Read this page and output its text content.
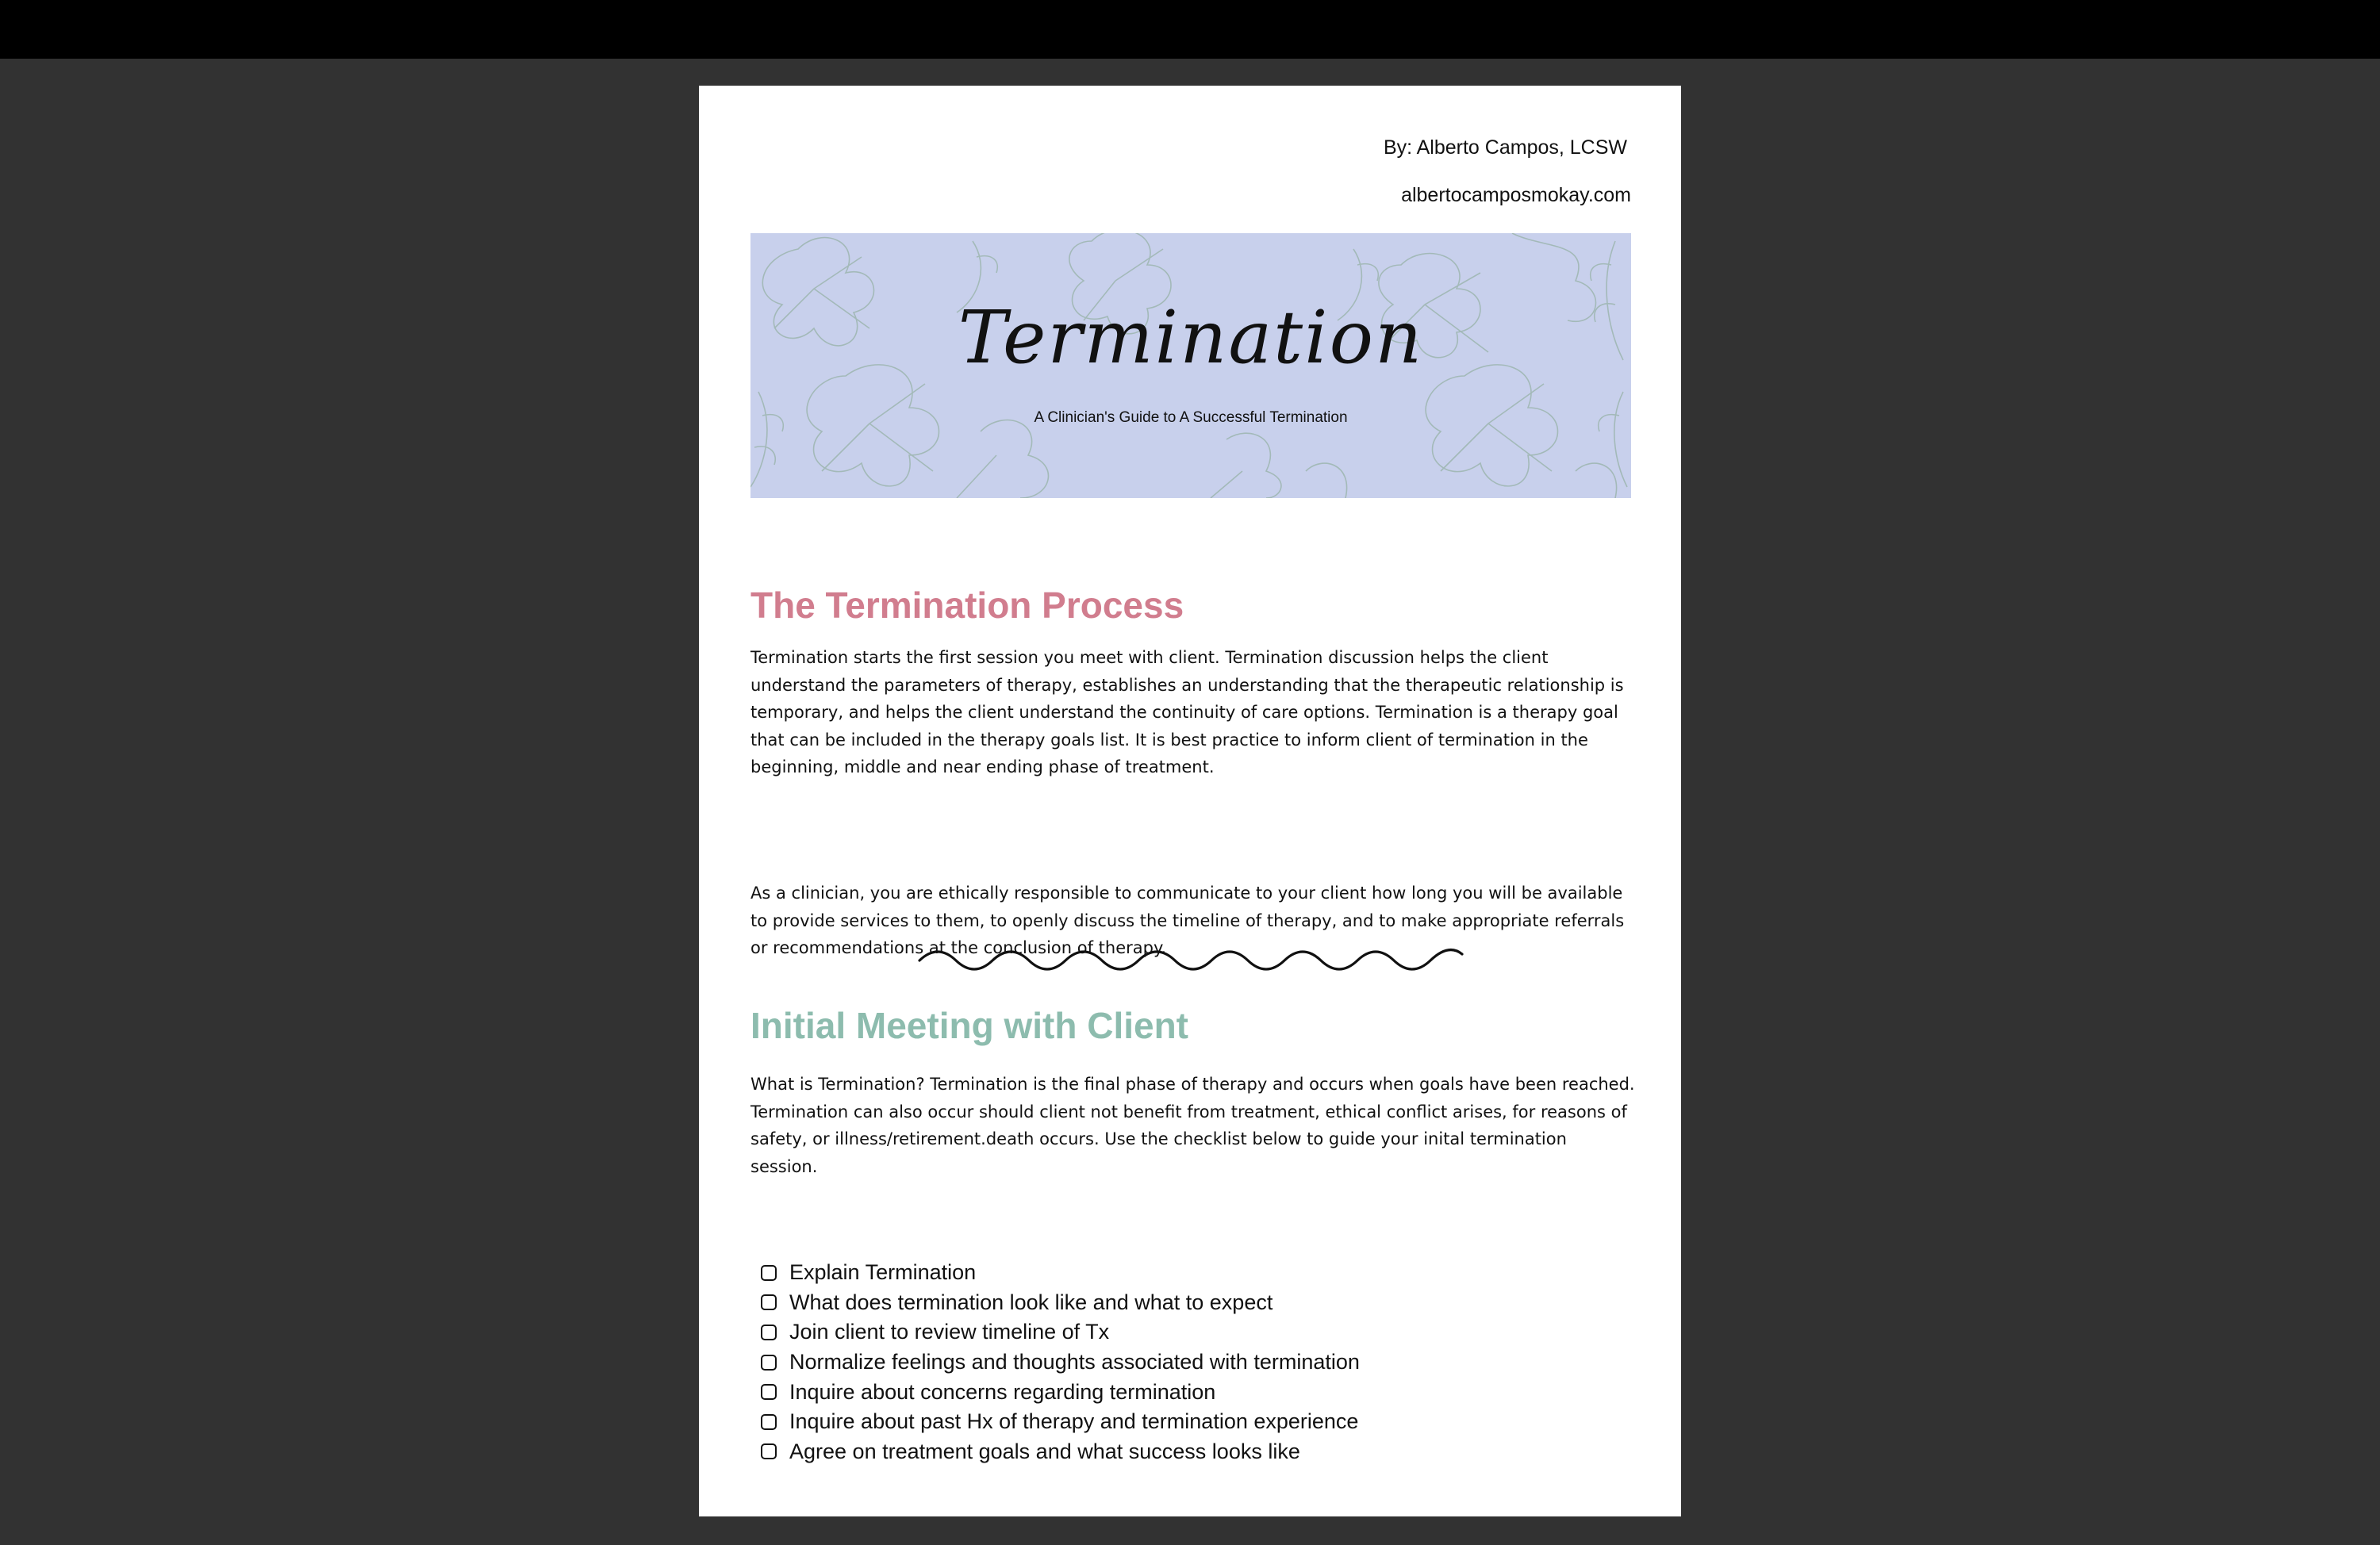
By: Alberto Campos, LCSW
albertocamposmokay.com
Termination
A Clinician's Guide to A Successful Termination
The Termination Process

Termination starts the first session you meet with client. Termination discussion helps the client understand the parameters of therapy, establishes an understanding that the therapeutic relationship is temporary, and helps the client understand the continuity of care options. Termination is a therapy goal that can be included in the therapy goals list. It is best practice to inform client of termination in the beginning, middle and near ending phase of treatment.

As a clinician, you are ethically responsible to communicate to your client how long you will be available to provide services to them, to openly discuss the timeline of therapy, and to make appropriate referrals or recommendations at the conclusion of therapy.

Initial Meeting with Client

What is Termination? Termination is the final phase of therapy and occurs when goals have been reached. Termination can also occur should client not benefit from treatment, ethical conflict arises, for reasons of safety, or illness/retirement.death occurs. Use the checklist below to guide your inital termination session.

Explain Termination
What does termination look like and what to expect
Join client to review timeline of Tx
Normalize feelings and thoughts associated with termination
Inquire about concerns regarding termination
Inquire about past Hx of therapy and termination experience
Agree on treatment goals and what success looks like
